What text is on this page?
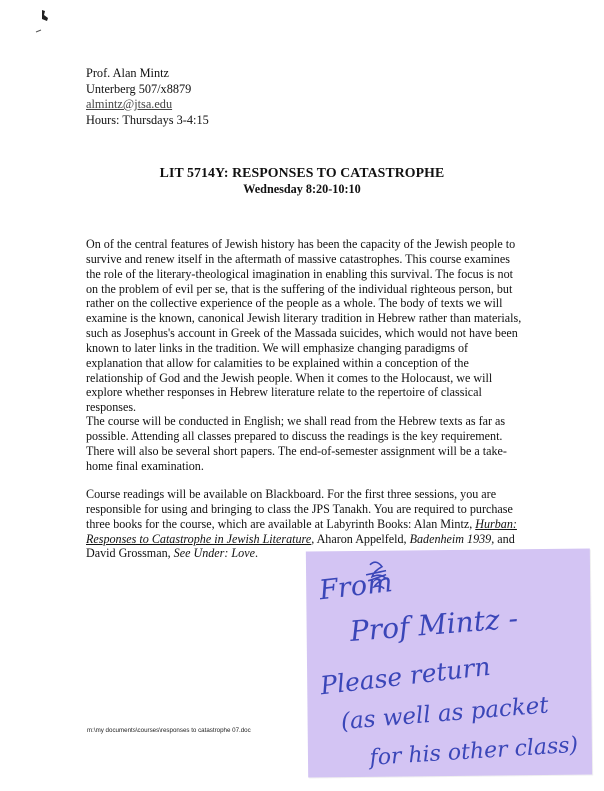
Prof. Alan Mintz
Unterberg 507/x8879
almintz@jtsa.edu
Hours: Thursdays 3-4:15
LIT 5714Y: RESPONSES TO CATASTROPHE
Wednesday 8:20-10:10
On of the central features of Jewish history has been the capacity of the Jewish people to survive and renew itself in the aftermath of massive catastrophes. This course examines the role of the literary-theological imagination in enabling this survival. The focus is not on the problem of evil per se, that is the suffering of the individual righteous person, but rather on the collective experience of the people as a whole. The body of texts we will examine is the known, canonical Jewish literary tradition in Hebrew rather than materials, such as Josephus's account in Greek of the Massada suicides, which would not have been known to later links in the tradition. We will emphasize changing paradigms of explanation that allow for calamities to be explained within a conception of the relationship of God and the Jewish people. When it comes to the Holocaust, we will explore whether responses in Hebrew literature relate to the repertoire of classical responses.
The course will be conducted in English; we shall read from the Hebrew texts as far as possible. Attending all classes prepared to discuss the readings is the key requirement. There will also be several short papers. The end-of-semester assignment will be a take-home final examination.
Course readings will be available on Blackboard. For the first three sessions, you are responsible for using and bringing to class the JPS Tanakh. You are required to purchase three books for the course, which are available at Labyrinth Books: Alan Mintz, Hurban: Responses to Catastrophe in Jewish Literature, Aharon Appelfeld, Badenheim 1939, and David Grossman, See Under: Love.
m:\my documents\courses\responses to catastrophe 07.doc
From
Prof Mintz -
Please return
(as well as packet
for his other class)
